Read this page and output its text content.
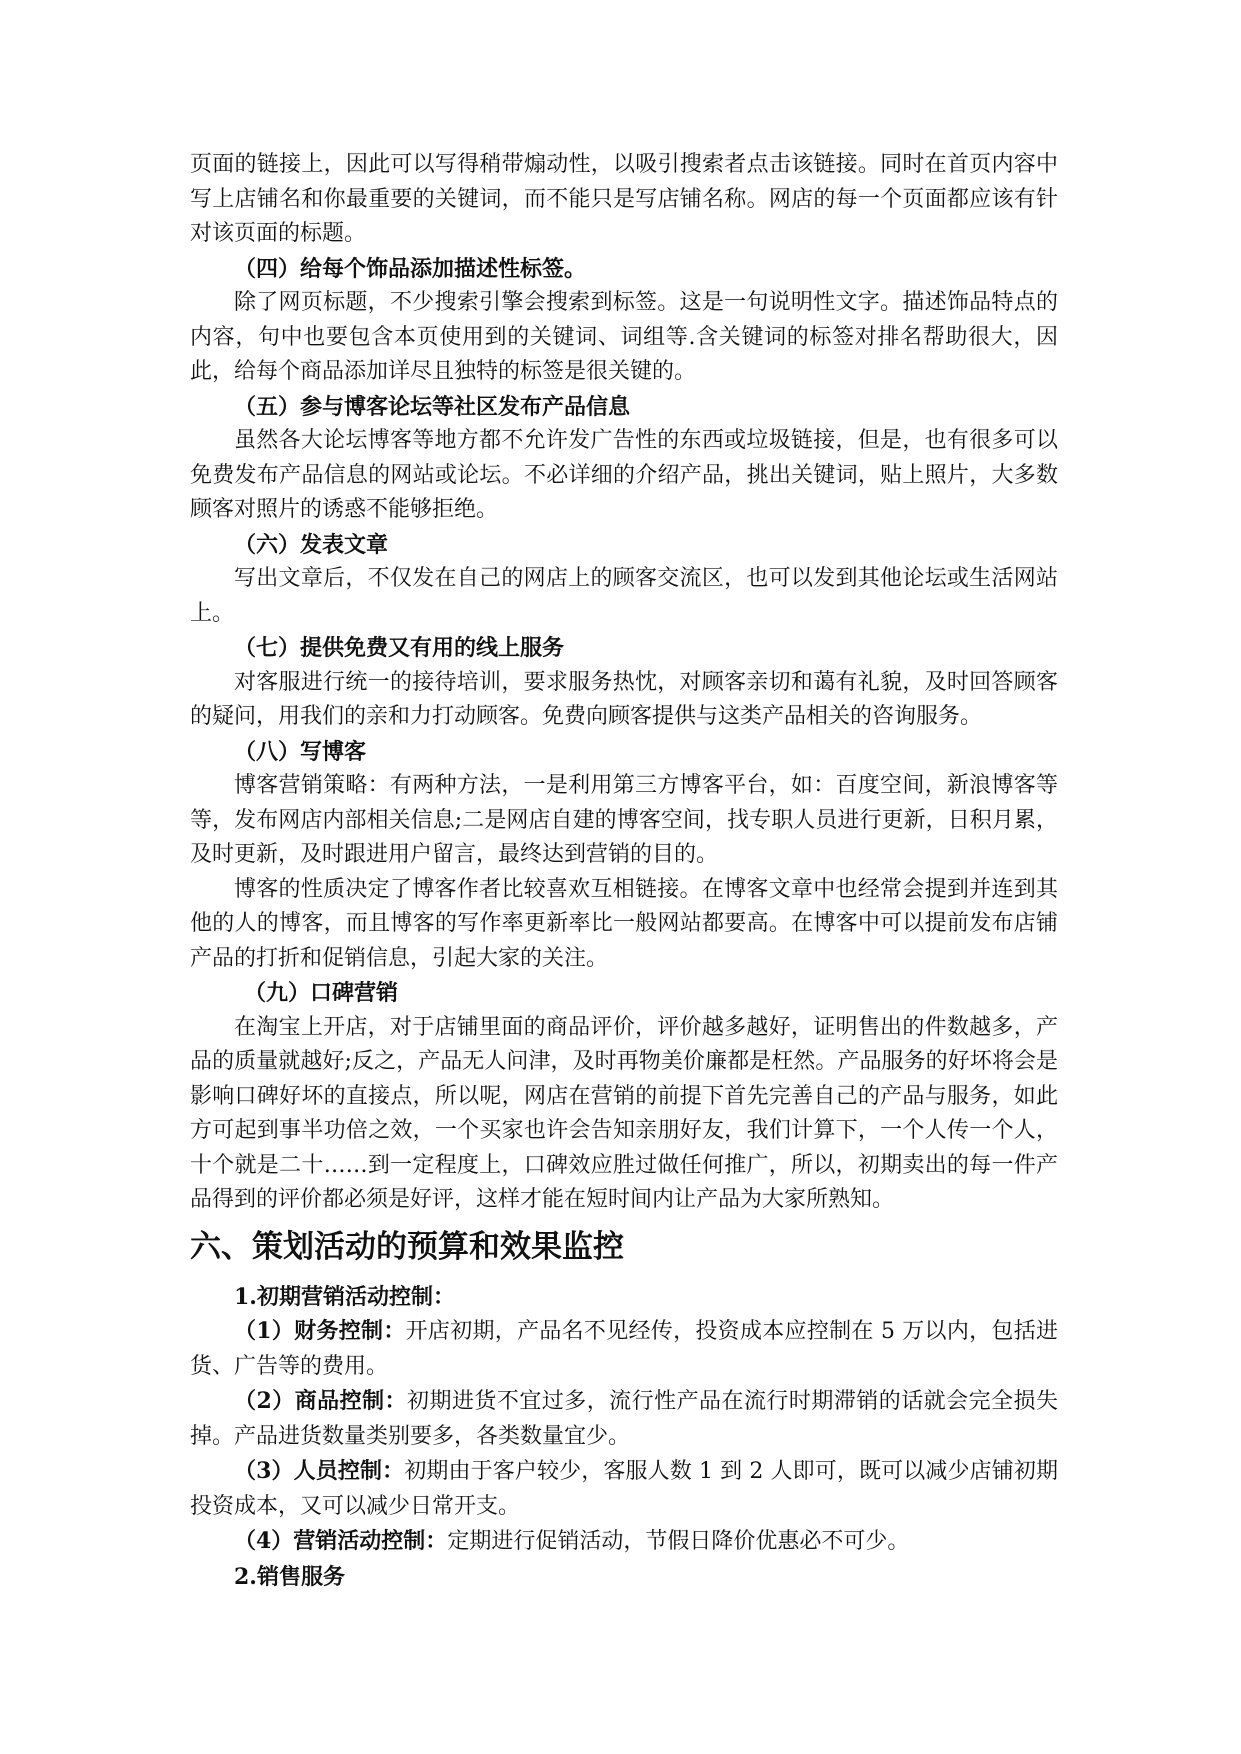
页面的链接上，因此可以写得稍带煽动性，以吸引搜索者点击该链接。同时在首页内容中写上店铺名和你最重要的关键词，而不能只是写店铺名称。网店的每一个页面都应该有针对该页面的标题。

（四）给每个饰品添加描述性标签。

除了网页标题，不少搜索引擎会搜索到标签。这是一句说明性文字。描述饰品特点的内容，句中也要包含本页使用到的关键词、词组等.含关键词的标签对排名帮助很大，因此，给每个商品添加详尽且独特的标签是很关键的。

（五）参与博客论坛等社区发布产品信息

虽然各大论坛博客等地方都不允许发广告性的东西或垃圾链接，但是，也有很多可以免费发布产品信息的网站或论坛。不必详细的介绍产品，挑出关键词，贴上照片，大多数顾客对照片的诱惑不能够拒绝。

（六）发表文章

写出文章后，不仅发在自己的网店上的顾客交流区，也可以发到其他论坛或生活网站上。

（七）提供免费又有用的线上服务

对客服进行统一的接待培训，要求服务热忱，对顾客亲切和蔼有礼貌，及时回答顾客的疑问，用我们的亲和力打动顾客。免费向顾客提供与这类产品相关的咨询服务。

（八）写博客

博客营销策略：有两种方法，一是利用第三方博客平台，如：百度空间，新浪博客等等，发布网店内部相关信息;二是网店自建的博客空间，找专职人员进行更新，日积月累，及时更新，及时跟进用户留言，最终达到营销的目的。

博客的性质决定了博客作者比较喜欢互相链接。在博客文章中也经常会提到并连到其他的人的博客，而且博客的写作率更新率比一般网站都要高。在博客中可以提前发布店铺产品的打折和促销信息，引起大家的关注。

（九）口碑营销

在淘宝上开店，对于店铺里面的商品评价，评价越多越好，证明售出的件数越多，产品的质量就越好;反之，产品无人问津，及时再物美价廉都是枉然。产品服务的好坏将会是影响口碑好坏的直接点，所以呢，网店在营销的前提下首先完善自己的产品与服务，如此方可起到事半功倍之效，一个买家也许会告知亲朋好友，我们计算下，一个人传一个人，十个就是二十……到一定程度上，口碑效应胜过做任何推广，所以，初期卖出的每一件产品得到的评价都必须是好评，这样才能在短时间内让产品为大家所熟知。

六、策划活动的预算和效果监控

1.初期营销活动控制：

（1）财务控制：开店初期，产品名不见经传，投资成本应控制在 5 万以内，包括进货、广告等的费用。

（2）商品控制：初期进货不宜过多，流行性产品在流行时期滞销的话就会完全损失掉。产品进货数量类别要多，各类数量宜少。

（3）人员控制：初期由于客户较少，客服人数 1 到 2 人即可，既可以减少店铺初期投资成本，又可以减少日常开支。

（4）营销活动控制：定期进行促销活动，节假日降价优惠必不可少。

2.销售服务
